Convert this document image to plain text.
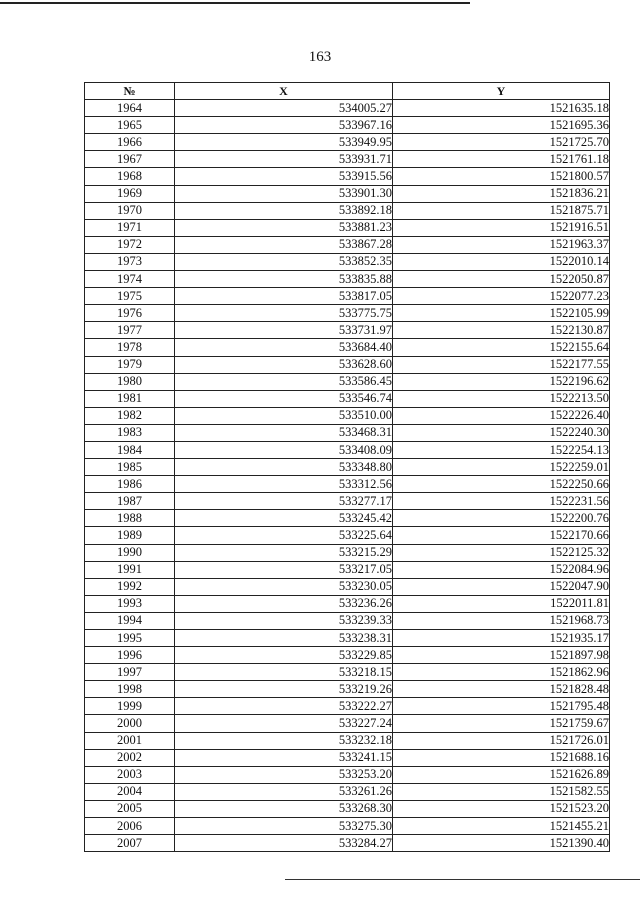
163
№	X	Y
1964	534005.27	1521635.18
1965	533967.16	1521695.36
1966	533949.95	1521725.70
1967	533931.71	1521761.18
1968	533915.56	1521800.57
1969	533901.30	1521836.21
1970	533892.18	1521875.71
1971	533881.23	1521916.51
1972	533867.28	1521963.37
1973	533852.35	1522010.14
1974	533835.88	1522050.87
1975	533817.05	1522077.23
1976	533775.75	1522105.99
1977	533731.97	1522130.87
1978	533684.40	1522155.64
1979	533628.60	1522177.55
1980	533586.45	1522196.62
1981	533546.74	1522213.50
1982	533510.00	1522226.40
1983	533468.31	1522240.30
1984	533408.09	1522254.13
1985	533348.80	1522259.01
1986	533312.56	1522250.66
1987	533277.17	1522231.56
1988	533245.42	1522200.76
1989	533225.64	1522170.66
1990	533215.29	1522125.32
1991	533217.05	1522084.96
1992	533230.05	1522047.90
1993	533236.26	1522011.81
1994	533239.33	1521968.73
1995	533238.31	1521935.17
1996	533229.85	1521897.98
1997	533218.15	1521862.96
1998	533219.26	1521828.48
1999	533222.27	1521795.48
2000	533227.24	1521759.67
2001	533232.18	1521726.01
2002	533241.15	1521688.16
2003	533253.20	1521626.89
2004	533261.26	1521582.55
2005	533268.30	1521523.20
2006	533275.30	1521455.21
2007	533284.27	1521390.40
